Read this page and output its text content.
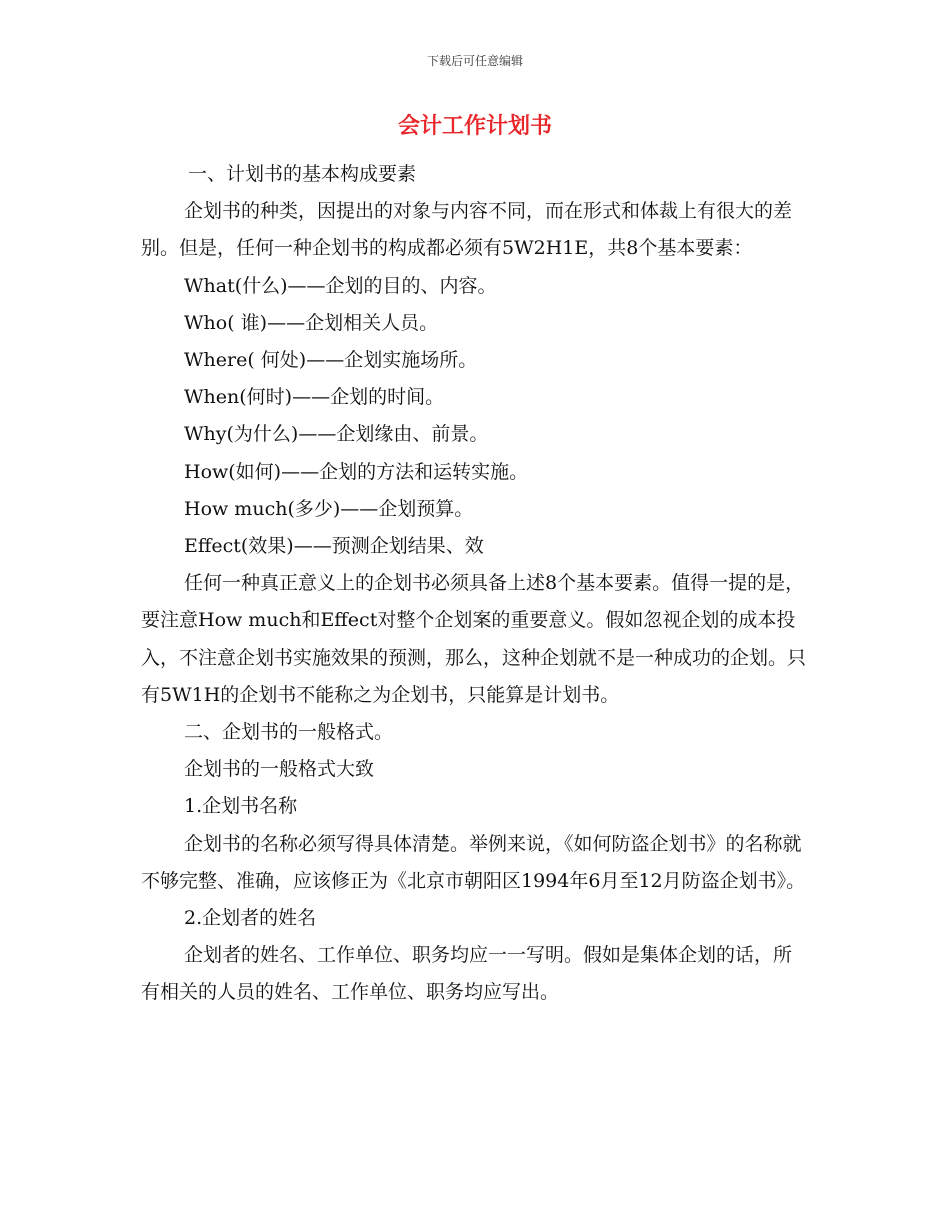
下载后可任意编辑
会计工作计划书

一、计划书的基本构成要素

企划书的种类，因提出的对象与内容不同，而在形式和体裁上有很大的差别。但是，任何一种企划书的构成都必须有5W2H1E，共8个基本要素：

What(什么)——企划的目的、内容。

Who( 谁)——企划相关人员。

Where( 何处)——企划实施场所。

When(何时)——企划的时间。

Why(为什么)——企划缘由、前景。

How(如何)——企划的方法和运转实施。

How much(多少)——企划预算。

Effect(效果)——预测企划结果、效

任何一种真正意义上的企划书必须具备上述8个基本要素。值得一提的是，要注意How much和Effect对整个企划案的重要意义。假如忽视企划的成本投入，不注意企划书实施效果的预测，那么，这种企划就不是一种成功的企划。只有5W1H的企划书不能称之为企划书，只能算是计划书。

二、企划书的一般格式。

企划书的一般格式大致

1.企划书名称

企划书的名称必须写得具体清楚。举例来说，《如何防盗企划书》的名称就不够完整、准确，应该修正为《北京市朝阳区1994年6月至12月防盗企划书》。

2.企划者的姓名

企划者的姓名、工作单位、职务均应一一写明。假如是集体企划的话，所有相关的人员的姓名、工作单位、职务均应写出。
